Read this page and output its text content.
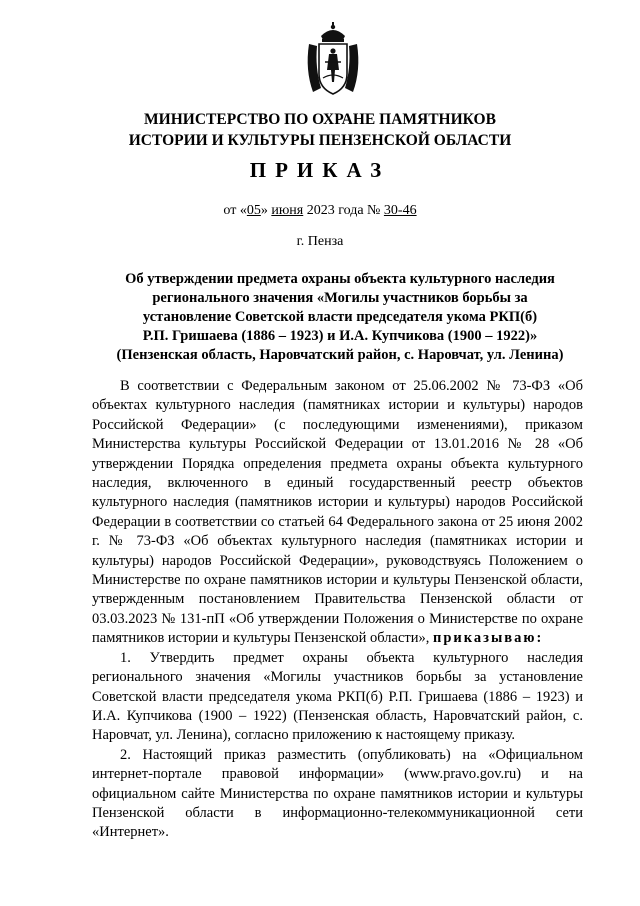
МИНИСТЕРСТВО ПО ОХРАНЕ ПАМЯТНИКОВ
ИСТОРИИ И КУЛЬТУРЫ ПЕНЗЕНСКОЙ ОБЛАСТИ
ПРИКАЗ
от «05» июня 2023 года № 30-46
г. Пенза
Об утверждении предмета охраны объекта культурного наследия
регионального значения «Могилы участников борьбы за
установление Советской власти председателя укома РКП(б)
Р.П. Гришаева (1886 – 1923) и И.А. Купчикова (1900 – 1922)»
(Пензенская область, Наровчатский район, с. Наровчат, ул. Ленина)

В соответствии с Федеральным законом от 25.06.2002 № 73-ФЗ «Об объектах культурного наследия (памятниках истории и культуры) народов Российской Федерации» (с последующими изменениями), приказом Министерства культуры Российской Федерации от 13.01.2016 № 28 «Об утверждении Порядка определения предмета охраны объекта культурного наследия, включенного в единый государственный реестр объектов культурного наследия (памятников истории и культуры) народов Российской Федерации в соответствии со статьей 64 Федерального закона от 25 июня 2002 г. № 73-ФЗ «Об объектах культурного наследия (памятниках истории и культуры) народов Российской Федерации», руководствуясь Положением о Министерстве по охране памятников истории и культуры Пензенской области, утвержденным постановлением Правительства Пензенской области от 03.03.2023 № 131-пП «Об утверждении Положения о Министерстве по охране памятников истории и культуры Пензенской области», приказываю:

1. Утвердить предмет охраны объекта культурного наследия регионального значения «Могилы участников борьбы за установление Советской власти председателя укома РКП(б) Р.П. Гришаева (1886 – 1923) и И.А. Купчикова (1900 – 1922) (Пензенская область, Наровчатский район, с. Наровчат, ул. Ленина), согласно приложению к настоящему приказу.

2. Настоящий приказ разместить (опубликовать) на «Официальном интернет-портале правовой информации» (www.pravo.gov.ru) и на официальном сайте Министерства по охране памятников истории и культуры Пензенской области в информационно-телекоммуникационной сети «Интернет».
